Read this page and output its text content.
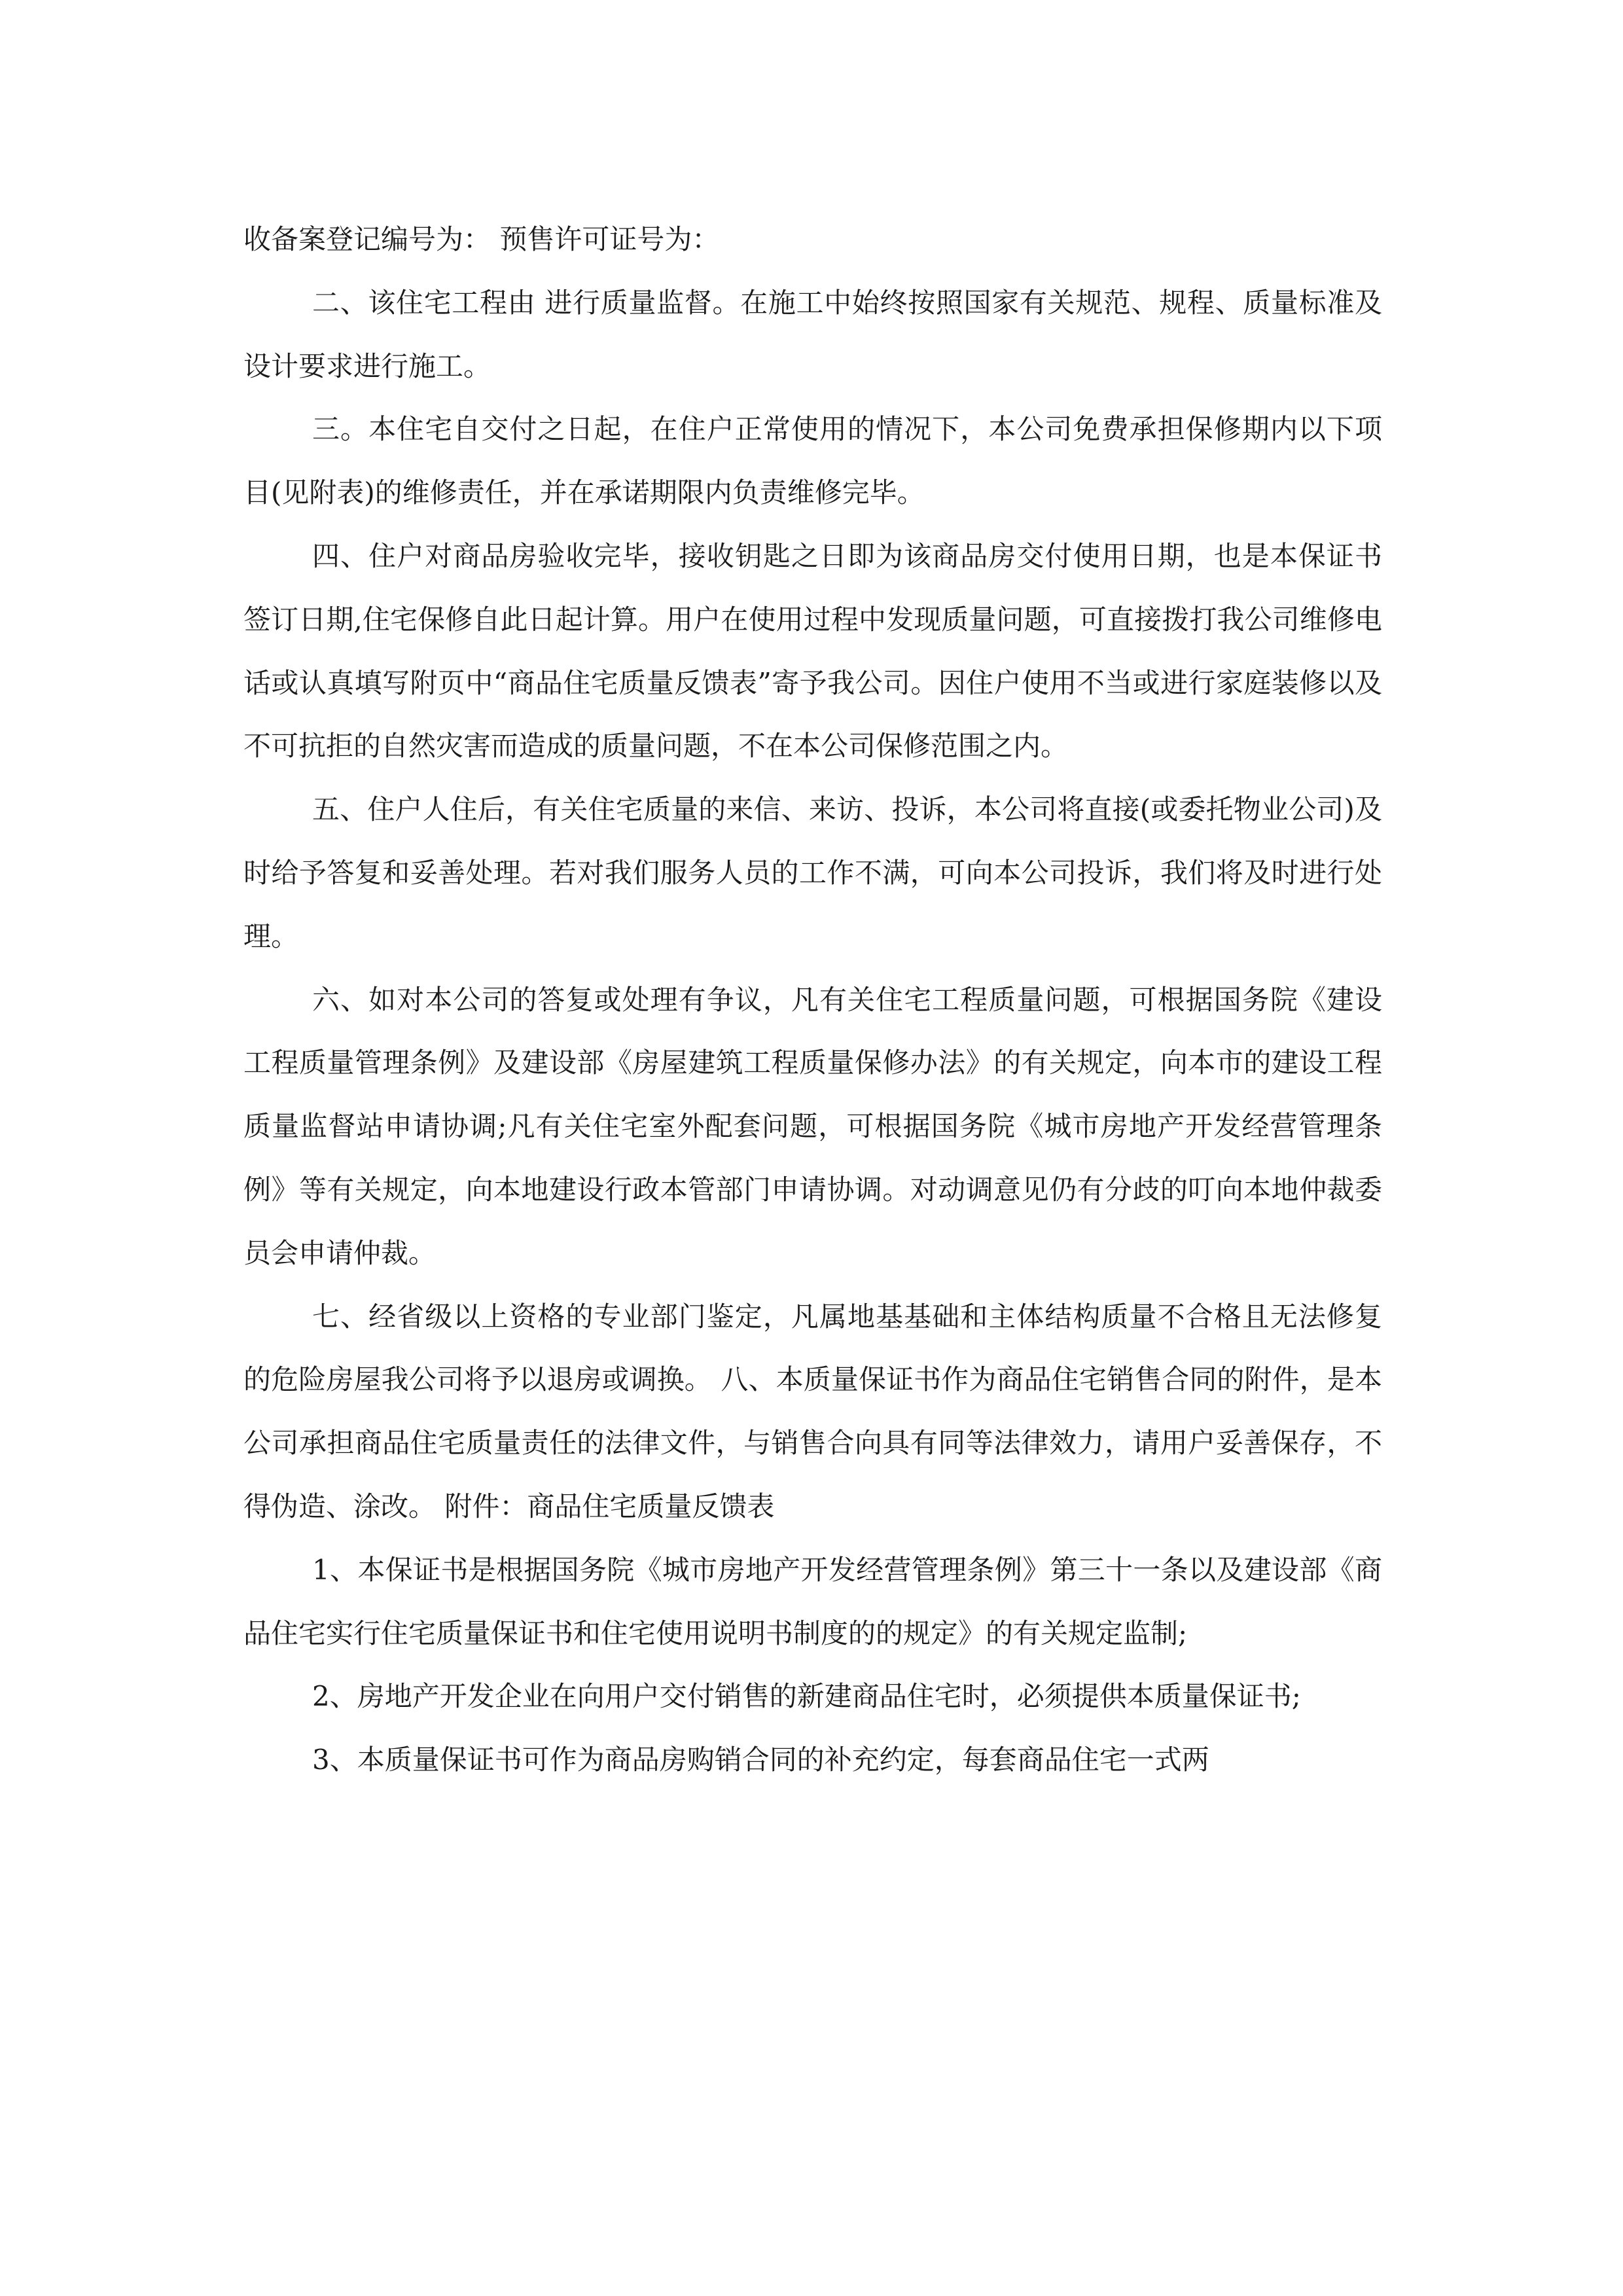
收备案登记编号为： 预售许可证号为：

二、该住宅工程由 进行质量监督。在施工中始终按照国家有关规范、规程、质量标准及设计要求进行施工。

三。本住宅自交付之日起，在住户正常使用的情况下，本公司免费承担保修期内以下项目(见附表)的维修责任，并在承诺期限内负责维修完毕。

四、住户对商品房验收完毕，接收钥匙之日即为该商品房交付使用日期，也是本保证书签订日期,住宅保修自此日起计算。用户在使用过程中发现质量问题，可直接拨打我公司维修电话或认真填写附页中“商品住宅质量反馈表”寄予我公司。因住户使用不当或进行家庭装修以及不可抗拒的自然灾害而造成的质量问题，不在本公司保修范围之内。

五、住户人住后，有关住宅质量的来信、来访、投诉，本公司将直接(或委托物业公司)及时给予答复和妥善处理。若对我们服务人员的工作不满，可向本公司投诉，我们将及时进行处理。

六、如对本公司的答复或处理有争议，凡有关住宅工程质量问题，可根据国务院《建设工程质量管理条例》及建设部《房屋建筑工程质量保修办法》的有关规定，向本市的建设工程质量监督站申请协调;凡有关住宅室外配套问题，可根据国务院《城市房地产开发经营管理条例》等有关规定，向本地建设行政本管部门申请协调。对动调意见仍有分歧的叮向本地仲裁委员会申请仲裁。

七、经省级以上资格的专业部门鉴定，凡属地基基础和主体结构质量不合格且无法修复的危险房屋我公司将予以退房或调换。 八、本质量保证书作为商品住宅销售合同的附件，是本公司承担商品住宅质量责任的法律文件，与销售合向具有同等法律效力，请用户妥善保存，不得伪造、涂改。 附件：商品住宅质量反馈表

1、本保证书是根据国务院《城市房地产开发经营管理条例》第三十一条以及建设部《商品住宅实行住宅质量保证书和住宅使用说明书制度的的规定》的有关规定监制;

2、房地产开发企业在向用户交付销售的新建商品住宅时，必须提供本质量保证书;

3、本质量保证书可作为商品房购销合同的补充约定，每套商品住宅一式两
